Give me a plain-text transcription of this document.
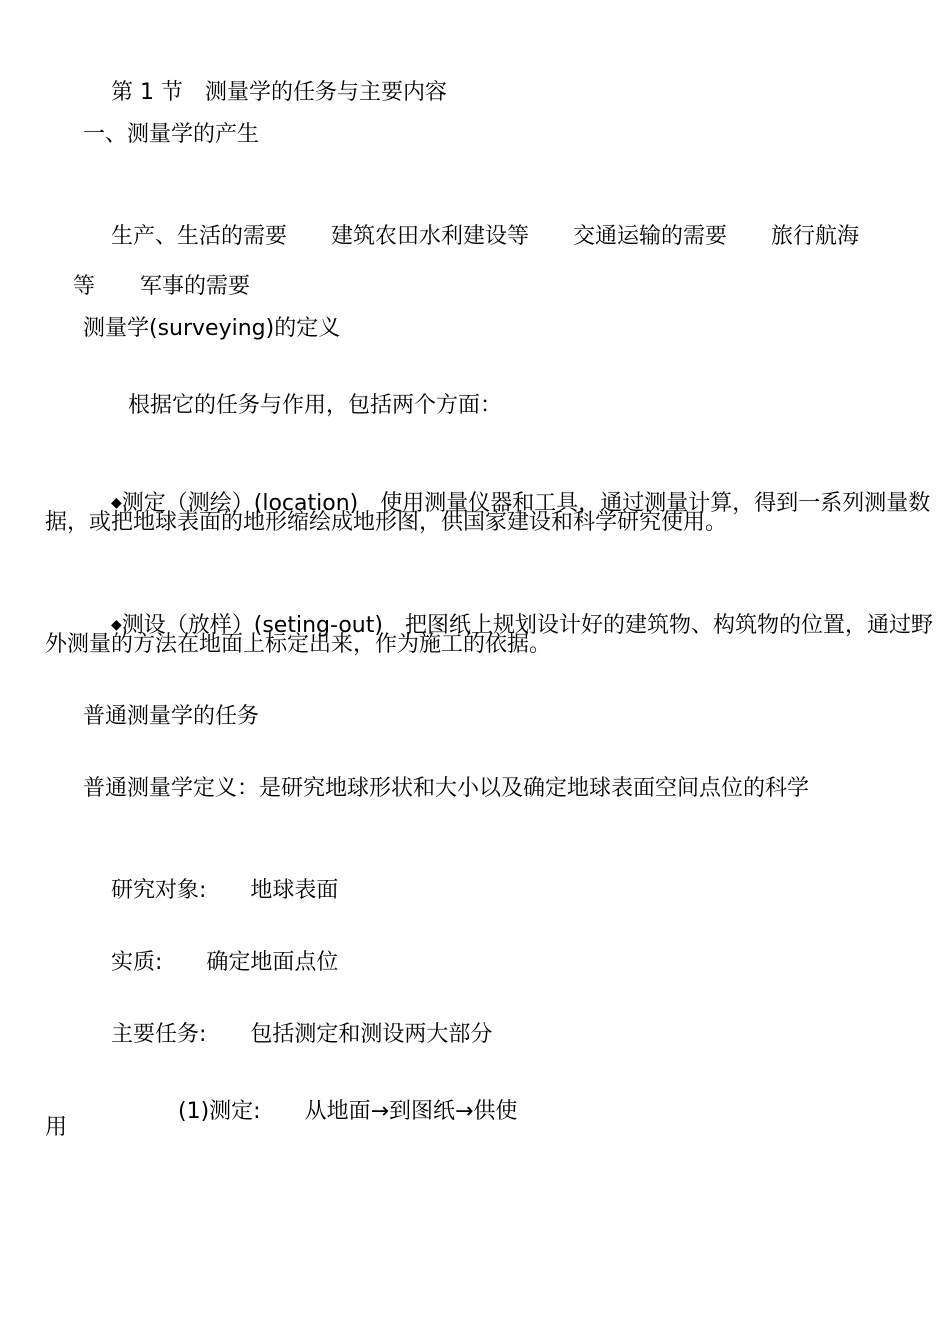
第 1 节 测量学的任务与主要内容

一、测量学的产生

生产、生活的需要 建筑农田水利建设等 交通运输的需要 旅行航海

等 军事的需要

测量学(surveying)的定义
根据它的任务与作用，包括两个方面：

◆测定（测绘）(location) 使用测量仪器和工具，通过测量计算，得到一系列测量数

据，或把地球表面的地形缩绘成地形图，供国家建设和科学研究使用。

◆测设（放样）(seting-out) 把图纸上规划设计好的建筑物、构筑物的位置，通过野

外测量的方法在地面上标定出来，作为施工的依据。
普通测量学的任务
普通测量学定义：是研究地球形状和大小以及确定地球表面空间点位的科学

研究对象: 地球表面

实质: 确定地面点位

主要任务: 包括测定和测设两大部分

(1)测定: 从地面→到图纸→供使

用
